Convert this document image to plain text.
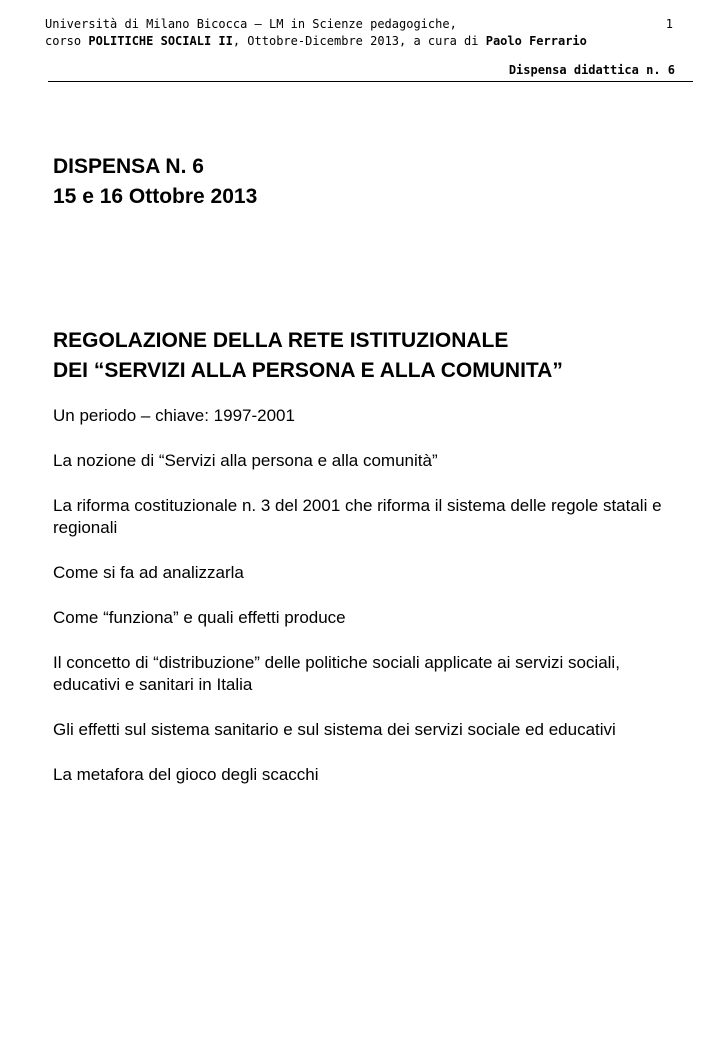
Università di Milano Bicocca – LM in Scienze pedagogiche,
corso POLITICHE SOCIALI II, Ottobre-Dicembre 2013, a cura di Paolo Ferrario
1
Dispensa didattica n. 6
DISPENSA N. 6
15 e 16 Ottobre 2013
REGOLAZIONE DELLA RETE ISTITUZIONALE
DEI “SERVIZI ALLA PERSONA E ALLA COMUNITA”
Un periodo – chiave: 1997-2001
La nozione di “Servizi alla persona e alla comunità”
La riforma costituzionale n. 3 del 2001 che riforma il sistema delle regole statali e regionali
Come si fa ad analizzarla
Come “funziona” e quali effetti produce
Il concetto di “distribuzione” delle politiche sociali applicate ai servizi sociali, educativi e sanitari in Italia
Gli effetti sul sistema sanitario e sul sistema dei servizi sociale ed educativi
La metafora del gioco degli scacchi
